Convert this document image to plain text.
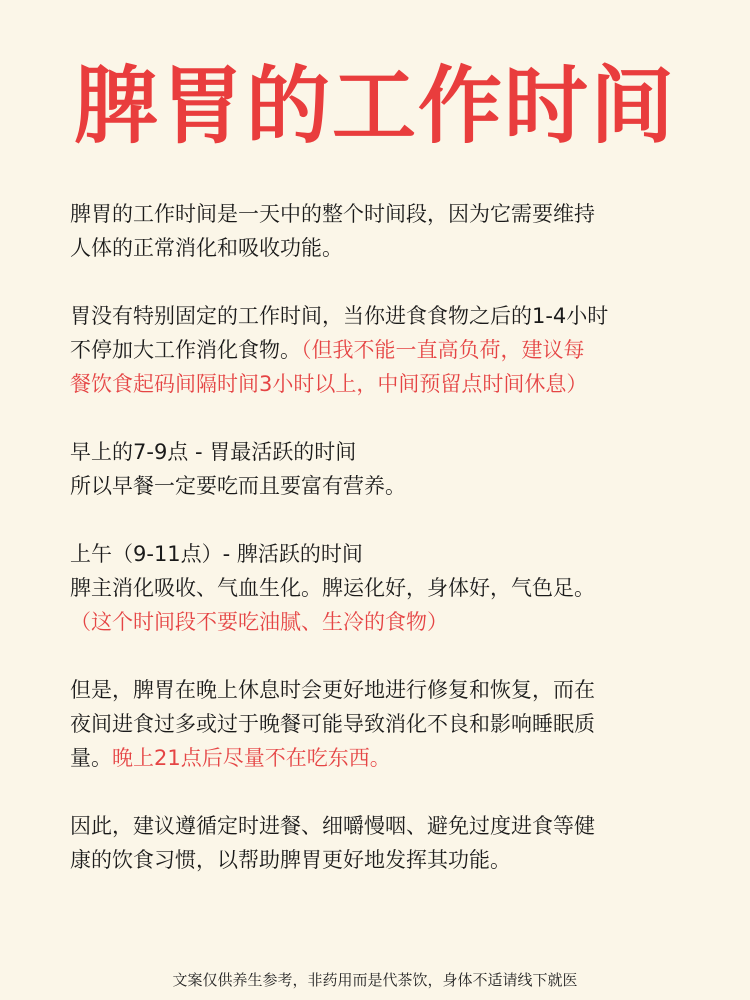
脾胃的工作时间
脾胃的工作时间是一天中的整个时间段，因为它需要维持
人体的正常消化和吸收功能。
胃没有特别固定的工作时间，当你进食食物之后的1-4小时
不停加大工作消化食物。（但我不能一直高负荷，建议每
餐饮食起码间隔时间3小时以上，中间预留点时间休息）
早上的7-9点 - 胃最活跃的时间
所以早餐一定要吃而且要富有营养。
上午（9-11点）- 脾活跃的时间
脾主消化吸收、气血生化。脾运化好，身体好，气色足。
（这个时间段不要吃油腻、生冷的食物）
但是，脾胃在晚上休息时会更好地进行修复和恢复，而在
夜间进食过多或过于晚餐可能导致消化不良和影响睡眠质
量。晚上21点后尽量不在吃东西。
因此，建议遵循定时进餐、细嚼慢咽、避免过度进食等健
康的饮食习惯，以帮助脾胃更好地发挥其功能。
文案仅供养生参考，非药用而是代茶饮，身体不适请线下就医
